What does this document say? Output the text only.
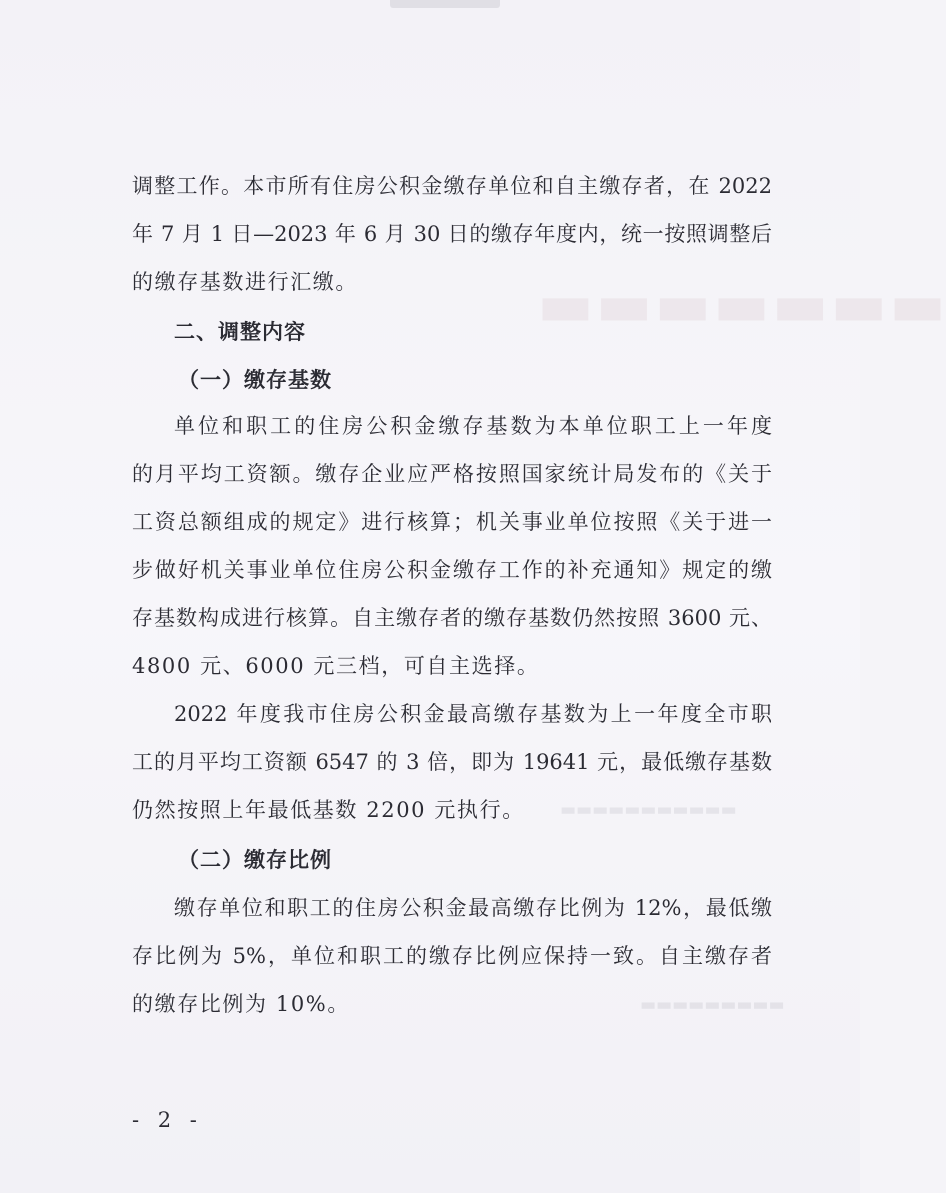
▬▬▬▬▬▬▬
▬▬▬▬▬▬▬▬▬
▬▬▬▬▬▬▬▬▬▬▬
调整工作。本市所有住房公积金缴存单位和自主缴存者，在 2022
年 7 月 1 日—2023 年 6 月 30 日的缴存年度内，统一按照调整后
的缴存基数进行汇缴。
二、调整内容
（一）缴存基数
单位和职工的住房公积金缴存基数为本单位职工上一年度
的月平均工资额。缴存企业应严格按照国家统计局发布的《关于
工资总额组成的规定》进行核算；机关事业单位按照《关于进一
步做好机关事业单位住房公积金缴存工作的补充通知》规定的缴
存基数构成进行核算。自主缴存者的缴存基数仍然按照 3600 元、
4800 元、6000 元三档，可自主选择。
2022 年度我市住房公积金最高缴存基数为上一年度全市职
工的月平均工资额 6547 的 3 倍，即为 19641 元，最低缴存基数
仍然按照上年最低基数 2200 元执行。
（二）缴存比例
缴存单位和职工的住房公积金最高缴存比例为 12%，最低缴
存比例为 5%，单位和职工的缴存比例应保持一致。自主缴存者
的缴存比例为 10%。
- 2 -
